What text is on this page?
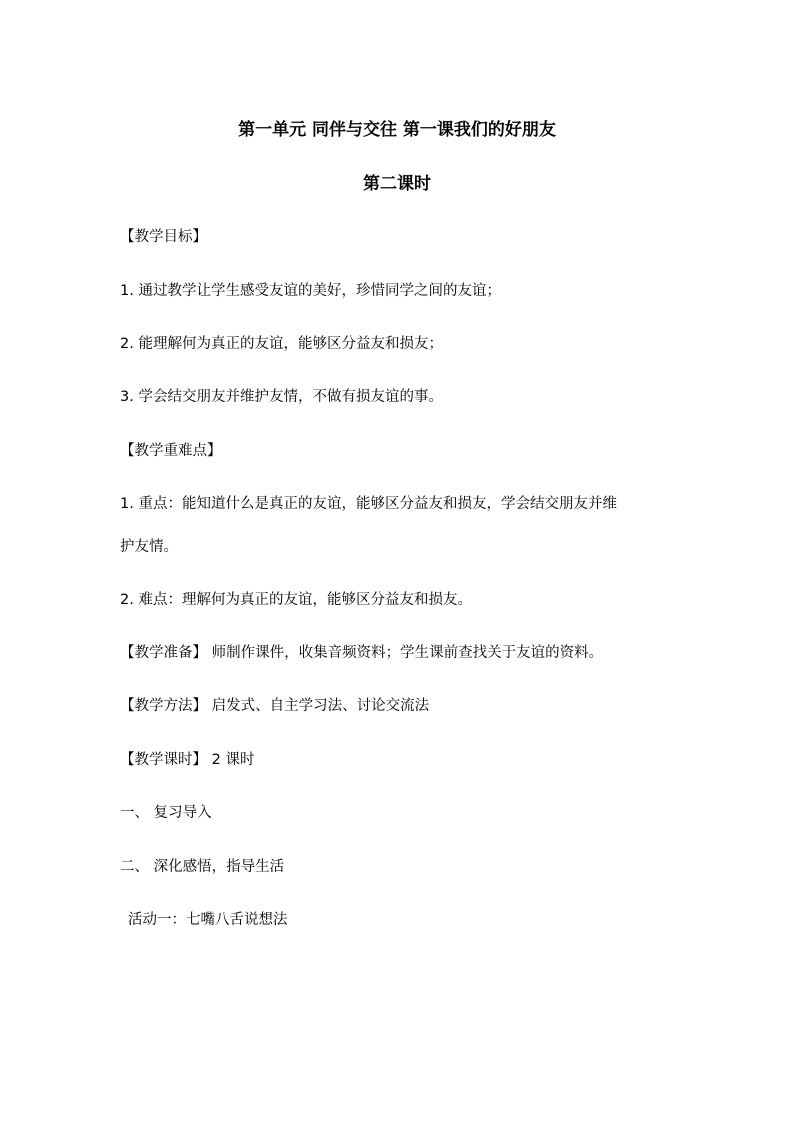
第一单元 同伴与交往 第一课我们的好朋友
第二课时
【教学目标】
1. 通过教学让学生感受友谊的美好，珍惜同学之间的友谊；
2. 能理解何为真正的友谊，能够区分益友和损友；
3. 学会结交朋友并维护友情，不做有损友谊的事。
【教学重难点】
1. 重点：能知道什么是真正的友谊，能够区分益友和损友，学会结交朋友并维
护友情。
2. 难点：理解何为真正的友谊，能够区分益友和损友。
【教学准备】 师制作课件，收集音频资料；学生课前查找关于友谊的资料。
【教学方法】 启发式、自主学习法、讨论交流法
【教学课时】 2 课时
一、 复习导入
二、 深化感悟，指导生活
活动一：七嘴八舌说想法
